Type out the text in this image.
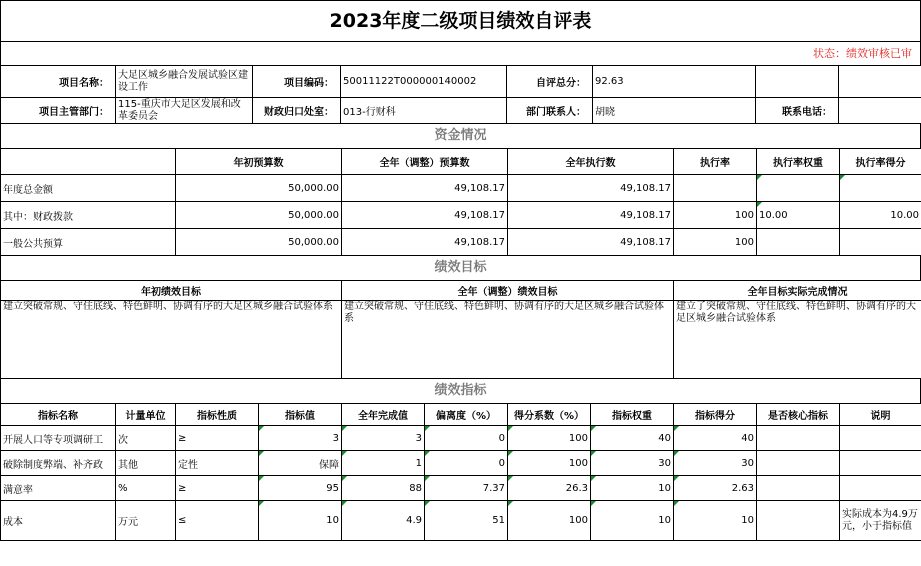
2023年度二级项目绩效自评表
状态：绩效审核已审
项目名称：	大足区城乡融合发展试验区建设工作	项目编码：	50011122T000000140002	自评总分：	92.63		
项目主管部门：	115-重庆市大足区发展和改革委员会	财政归口处室：	013-行财科	部门联系人：	胡晓	联系电话：	
资金情况
	年初预算数	全年（调整）预算数	全年执行数	执行率	执行率权重	执行率得分
年度总金额	50,000.00	49,108.17	49,108.17			
其中：财政拨款	50,000.00	49,108.17	49,108.17	100	10.00	10.00
一般公共预算	50,000.00	49,108.17	49,108.17	100		
绩效目标
年初绩效目标	全年（调整）绩效目标	全年目标实际完成情况
建立突破常规、守住底线、特色鲜明、协调有序的大足区城乡融合试验体系	建立突破常规、守住底线、特色鲜明、协调有序的大足区城乡融合试验体系	建立了突破常规、守住底线、特色鲜明、协调有序的大足区城乡融合试验体系
绩效指标
指标名称	计量单位	指标性质	指标值	全年完成值	偏离度（%）	得分系数（%）	指标权重	指标得分	是否核心指标	说明
开展人口等专项调研工	次	≥	3	3	0	100	40	40		
破除制度弊端、补齐政	其他	定性	保障	1	0	100	30	30		
满意率	%	≥	95	88	7.37	26.3	10	2.63		
成本	万元	≤	10	4.9	51	100	10	10		实际成本为4.9万元，小于指标值
